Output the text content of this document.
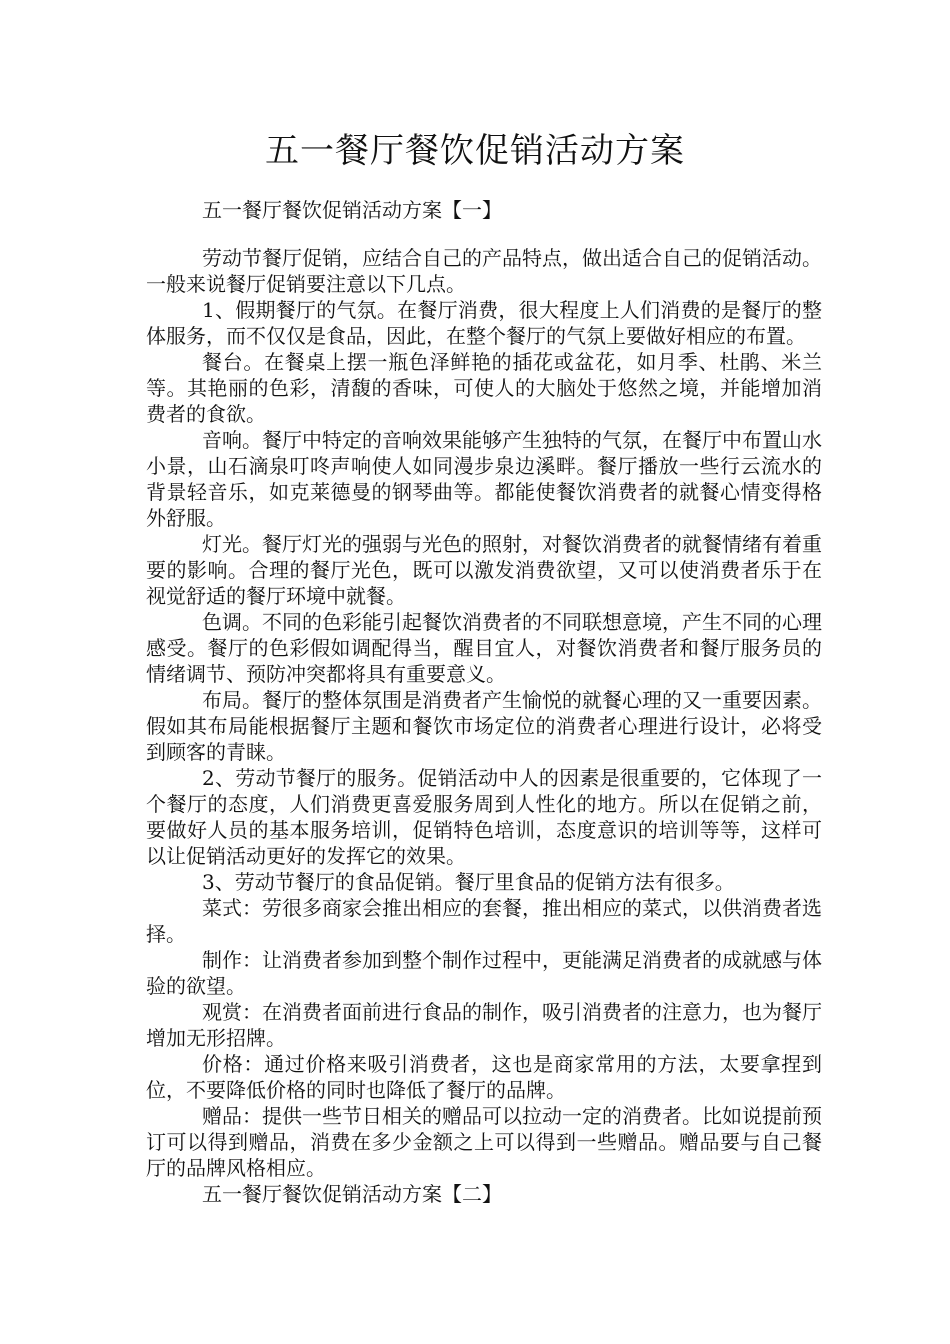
五一餐厅餐饮促销活动方案

五一餐厅餐饮促销活动方案【一】

劳动节餐厅促销，应结合自己的产品特点，做出适合自己的促销活动。一般来说餐厅促销要注意以下几点。

1、假期餐厅的气氛。在餐厅消费，很大程度上人们消费的是餐厅的整体服务，而不仅仅是食品，因此，在整个餐厅的气氛上要做好相应的布置。

餐台。在餐桌上摆一瓶色泽鲜艳的插花或盆花，如月季、杜鹃、米兰等。其艳丽的色彩，清馥的香味，可使人的大脑处于悠然之境，并能增加消费者的食欲。

音响。餐厅中特定的音响效果能够产生独特的气氛，在餐厅中布置山水小景，山石滴泉叮咚声响使人如同漫步泉边溪畔。餐厅播放一些行云流水的背景轻音乐，如克莱德曼的钢琴曲等。都能使餐饮消费者的就餐心情变得格外舒服。

灯光。餐厅灯光的强弱与光色的照射，对餐饮消费者的就餐情绪有着重要的影响。合理的餐厅光色，既可以激发消费欲望，又可以使消费者乐于在视觉舒适的餐厅环境中就餐。

色调。不同的色彩能引起餐饮消费者的不同联想意境，产生不同的心理感受。餐厅的色彩假如调配得当，醒目宜人，对餐饮消费者和餐厅服务员的情绪调节、预防冲突都将具有重要意义。

布局。餐厅的整体氛围是消费者产生愉悦的就餐心理的又一重要因素。假如其布局能根据餐厅主题和餐饮市场定位的消费者心理进行设计，必将受到顾客的青睐。

2、劳动节餐厅的服务。促销活动中人的因素是很重要的，它体现了一个餐厅的态度，人们消费更喜爱服务周到人性化的地方。所以在促销之前，要做好人员的基本服务培训，促销特色培训，态度意识的培训等等，这样可以让促销活动更好的发挥它的效果。

3、劳动节餐厅的食品促销。餐厅里食品的促销方法有很多。

菜式：劳很多商家会推出相应的套餐，推出相应的菜式，以供消费者选择。

制作：让消费者参加到整个制作过程中，更能满足消费者的成就感与体验的欲望。

观赏：在消费者面前进行食品的制作，吸引消费者的注意力，也为餐厅增加无形招牌。

价格：通过价格来吸引消费者，这也是商家常用的方法，太要拿捏到位，不要降低价格的同时也降低了餐厅的品牌。

赠品：提供一些节日相关的赠品可以拉动一定的消费者。比如说提前预订可以得到赠品，消费在多少金额之上可以得到一些赠品。赠品要与自己餐厅的品牌风格相应。

五一餐厅餐饮促销活动方案【二】
